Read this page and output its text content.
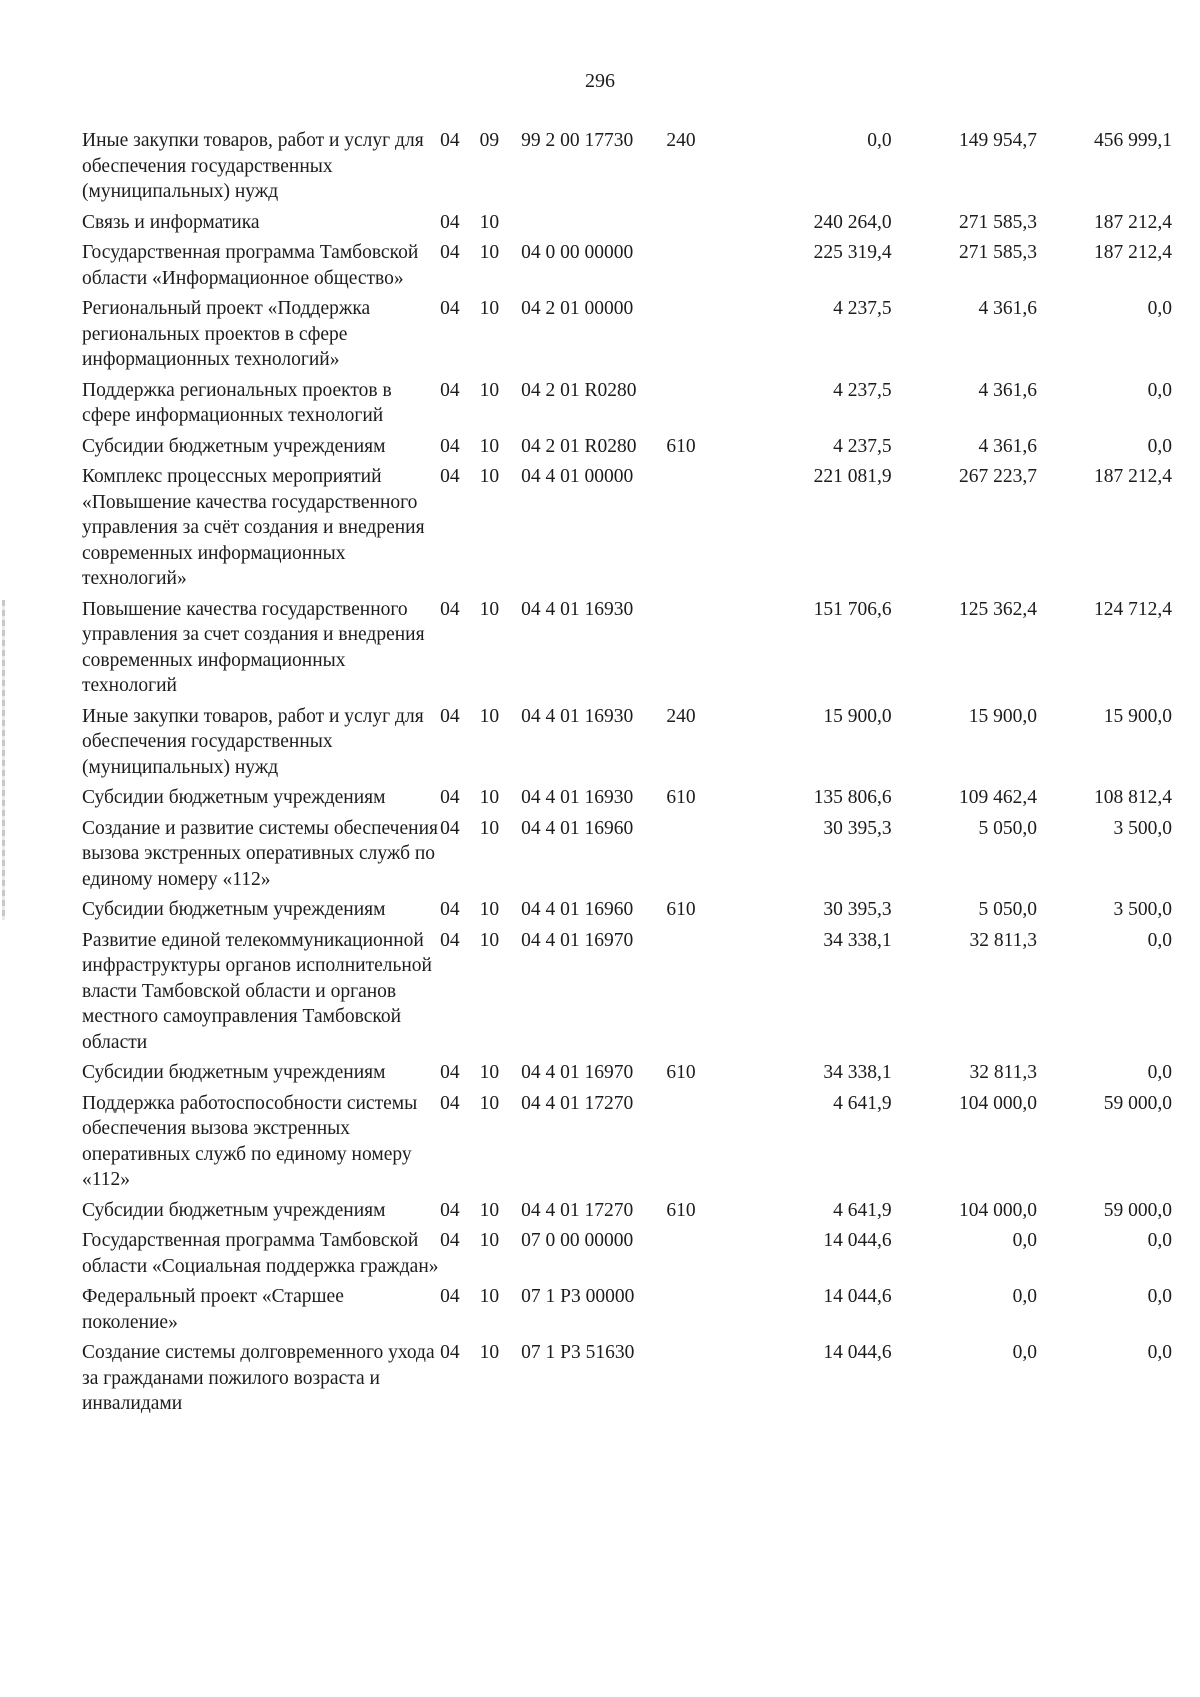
296
Иные закупки товаров, работ и услуг для обеспечения государственных (муниципальных) нужд	04	09	99 2 00 17730	240	0,0	149 954,7	456 999,1
Связь и информатика	04	10			240 264,0	271 585,3	187 212,4
Государственная программа Тамбовской области «Информационное общество»	04	10	04 0 00 00000		225 319,4	271 585,3	187 212,4
Региональный проект «Поддержка региональных проектов в сфере информационных технологий»	04	10	04 2 01 00000		4 237,5	4 361,6	0,0
Поддержка региональных проектов в сфере информационных технологий	04	10	04 2 01 R0280		4 237,5	4 361,6	0,0
Субсидии бюджетным учреждениям	04	10	04 2 01 R0280	610	4 237,5	4 361,6	0,0
Комплекс процессных мероприятий «Повышение качества государственного управления за счёт создания и внедрения современных информационных технологий»	04	10	04 4 01 00000		221 081,9	267 223,7	187 212,4
Повышение качества государственного управления за счет создания и внедрения современных информационных технологий	04	10	04 4 01 16930		151 706,6	125 362,4	124 712,4
Иные закупки товаров, работ и услуг для обеспечения государственных (муниципальных) нужд	04	10	04 4 01 16930	240	15 900,0	15 900,0	15 900,0
Субсидии бюджетным учреждениям	04	10	04 4 01 16930	610	135 806,6	109 462,4	108 812,4
Создание и развитие системы обеспечения вызова экстренных оперативных служб по единому номеру «112»	04	10	04 4 01 16960		30 395,3	5 050,0	3 500,0
Субсидии бюджетным учреждениям	04	10	04 4 01 16960	610	30 395,3	5 050,0	3 500,0
Развитие единой телекоммуникационной инфраструктуры органов исполнительной власти Тамбовской области и органов местного самоуправления Тамбовской области	04	10	04 4 01 16970		34 338,1	32 811,3	0,0
Субсидии бюджетным учреждениям	04	10	04 4 01 16970	610	34 338,1	32 811,3	0,0
Поддержка работоспособности системы обеспечения вызова экстренных оперативных служб по единому номеру «112»	04	10	04 4 01 17270		4 641,9	104 000,0	59 000,0
Субсидии бюджетным учреждениям	04	10	04 4 01 17270	610	4 641,9	104 000,0	59 000,0
Государственная программа Тамбовской области «Социальная поддержка граждан»	04	10	07 0 00 00000		14 044,6	0,0	0,0
Федеральный проект «Старшее поколение»	04	10	07 1 P3 00000		14 044,6	0,0	0,0
Создание системы долговременного ухода за гражданами пожилого возраста и инвалидами	04	10	07 1 P3 51630		14 044,6	0,0	0,0
